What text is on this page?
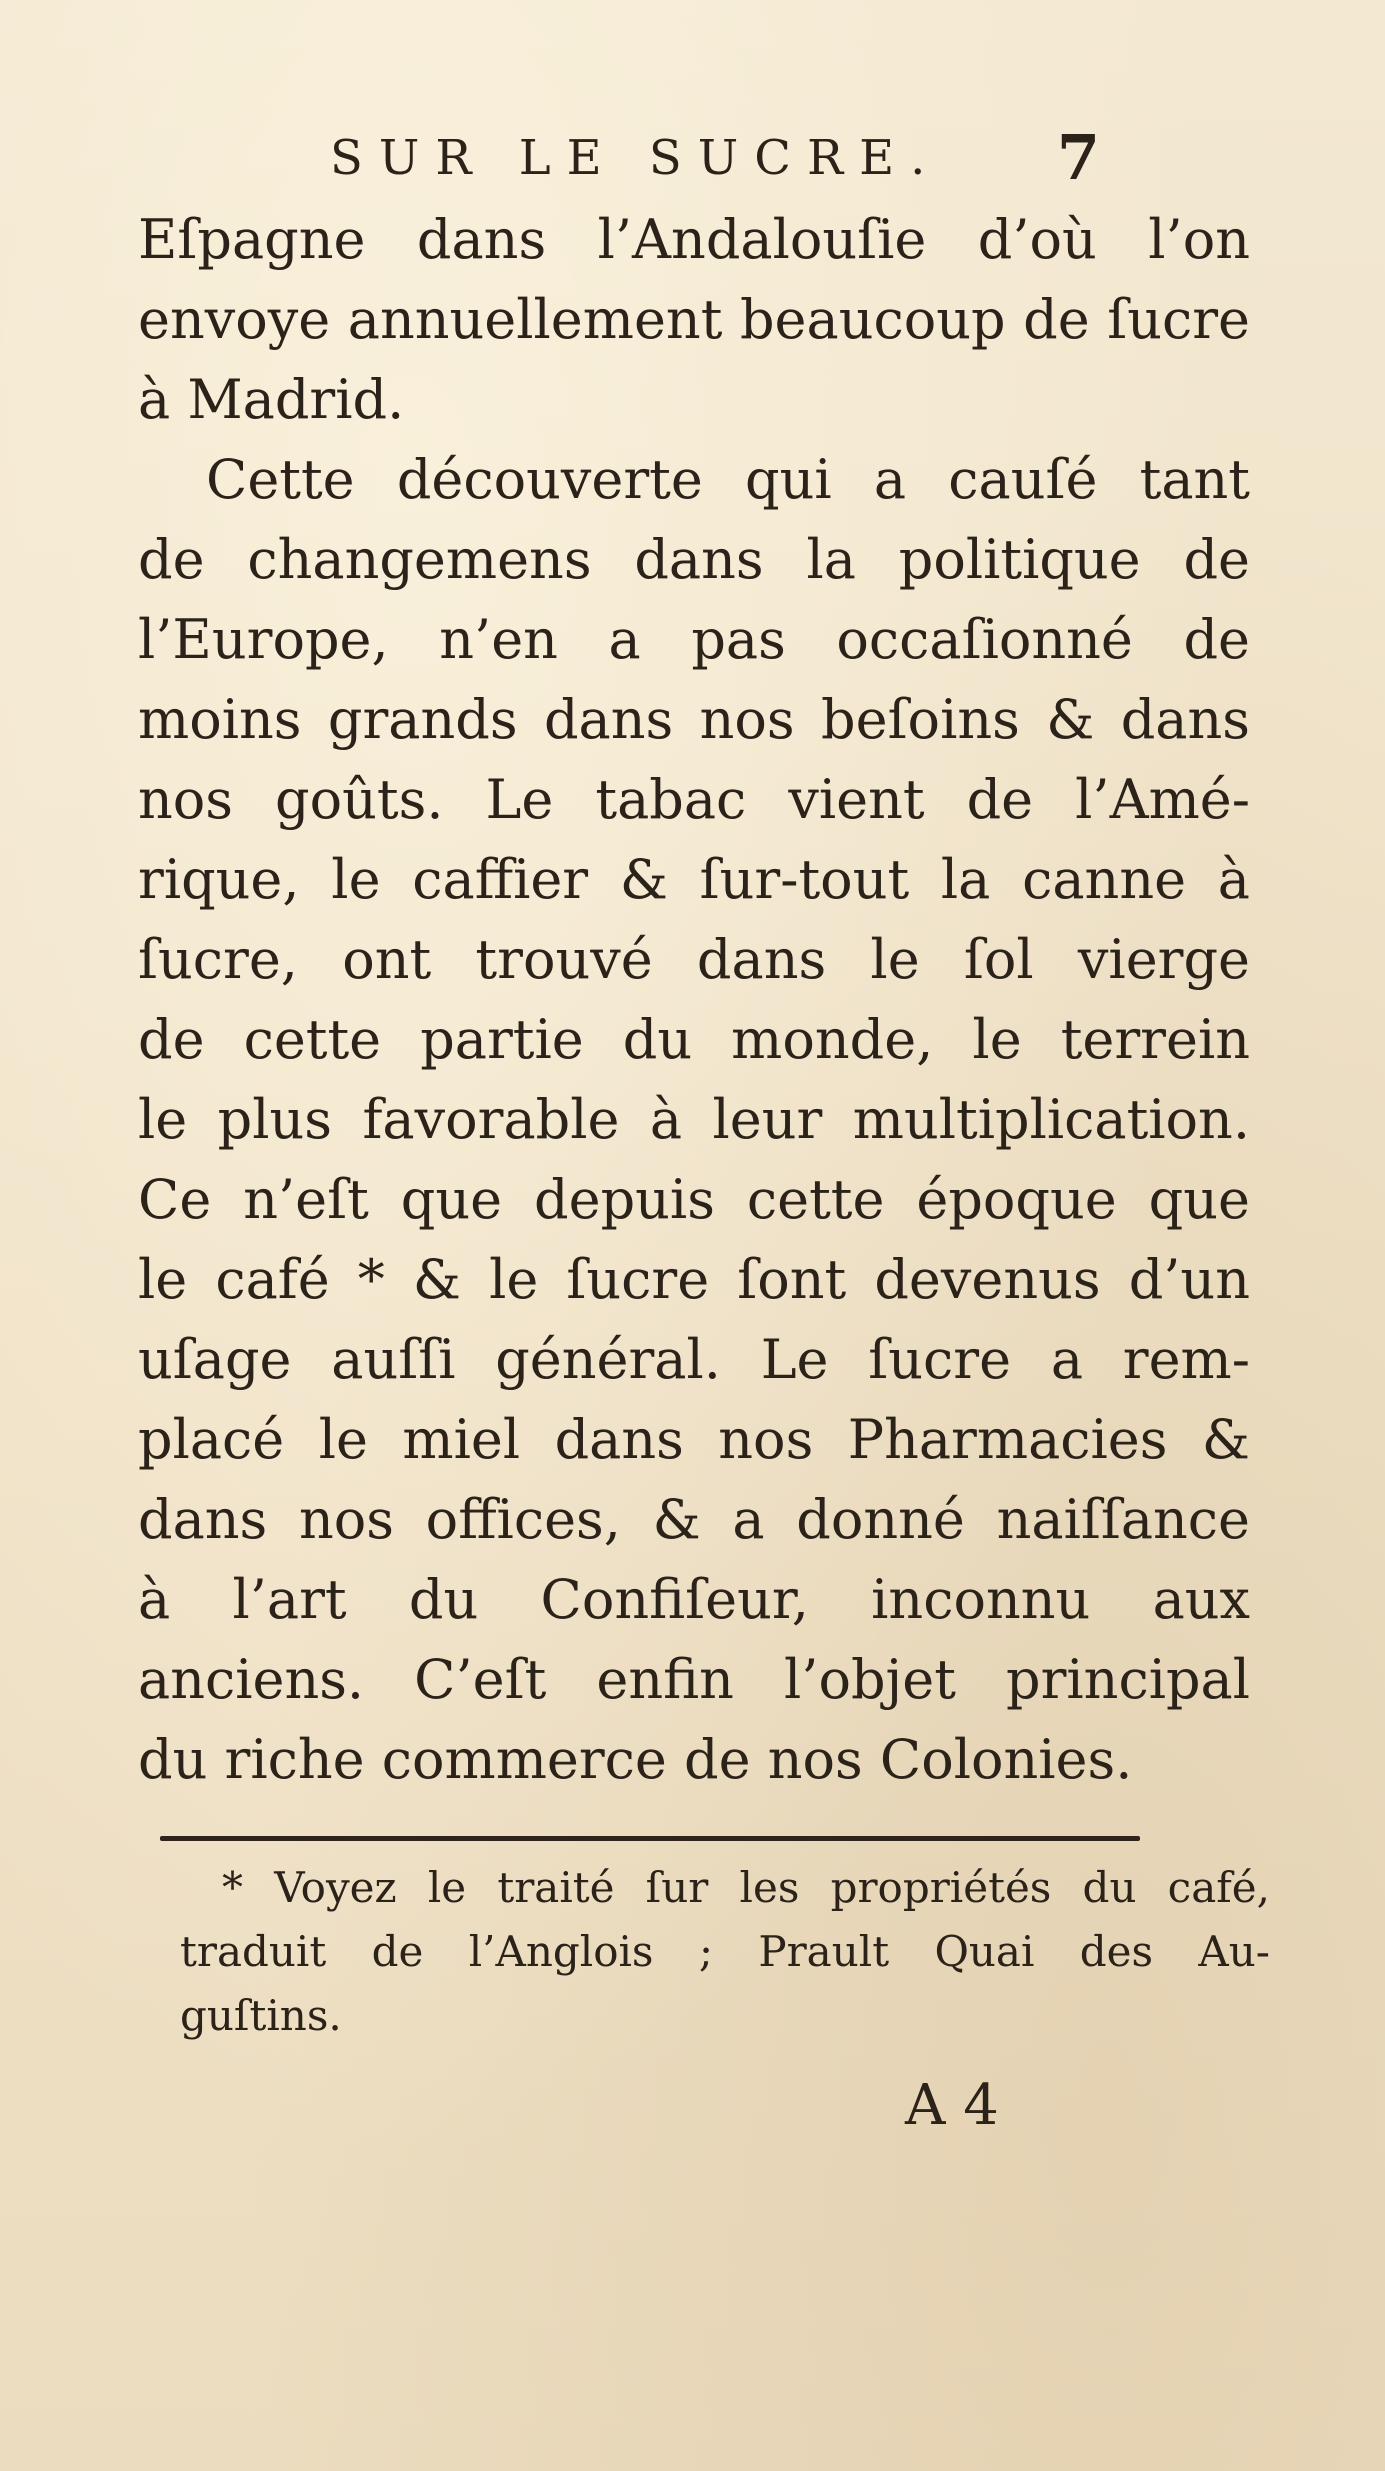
SUR LE SUCRE. 7
Eſpagne dans l’Andalouſie d’où l’on
envoye annuellement beaucoup de ſucre
à Madrid.
Cette découverte qui a cauſé tant
de changemens dans la politique de
l’Europe, n’en a pas occaſionné de
moins grands dans nos beſoins & dans
nos goûts. Le tabac vient de l’Amé-
rique, le caffier & ſur-tout la canne à
ſucre, ont trouvé dans le ſol vierge
de cette partie du monde, le terrein
le plus favorable à leur multiplication.
Ce n’eſt que depuis cette époque que
le café * & le ſucre ſont devenus d’un
uſage auſſi général. Le ſucre a rem-
placé le miel dans nos Pharmacies &
dans nos offices, & a donné naiſſance
à l’art du Confiſeur, inconnu aux
anciens. C’eſt enfin l’objet principal
du riche commerce de nos Colonies.
* Voyez le traité ſur les propriétés du café,
traduit de l’Anglois ; Prault Quai des Au-
guſtins.
A 4
